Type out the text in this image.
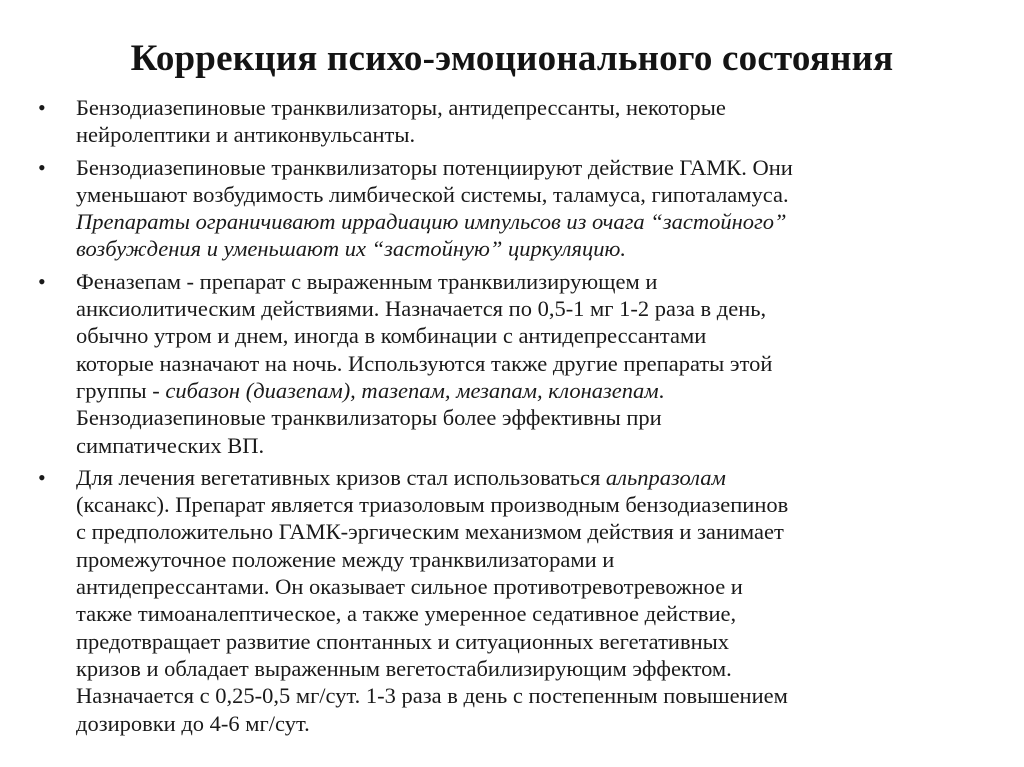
Коррекция психо-эмоционального состояния
•	Бензодиазепиновые транквилизаторы, антидепрессанты, некоторые
нейролептики и антиконвульсанты.
•	Бензодиазепиновые транквилизаторы потенциируют действие ГАМК. Они
уменьшают возбудимость лимбической системы, таламуса, гипоталамуса.
Препараты ограничивают иррадиацию импульсов из очага “застойного”
возбуждения и уменьшают их “застойную” циркуляцию.
•	Феназепам - препарат с выраженным транквилизирующем и
анксиолитическим действиями. Назначается по 0,5-1 мг 1-2 раза в день,
обычно утром и днем, иногда в комбинации с антидепрессантами
которые назначают на ночь. Используются также другие препараты этой
группы - сибазон (диазепам), тазепам, мезапам, клоназепам.
Бензодиазепиновые транквилизаторы более эффективны при
симпатических ВП.
•	Для лечения вегетативных кризов стал использоваться альпразолам
(ксанакс). Препарат является триазоловым производным бензодиазепинов
с предположительно ГАМК-эргическим механизмом действия и занимает
промежуточное положение между транквилизаторами и
антидепрессантами. Он оказывает сильное противотревотревожное и
также тимоаналептическое, а также умеренное седативное действие,
предотвращает развитие спонтанных и ситуационных вегетативных
кризов и обладает выраженным вегетостабилизирующим эффектом.
Назначается с 0,25-0,5 мг/сут. 1-3 раза в день с постепенным повышением
дозировки до 4-6 мг/сут.
